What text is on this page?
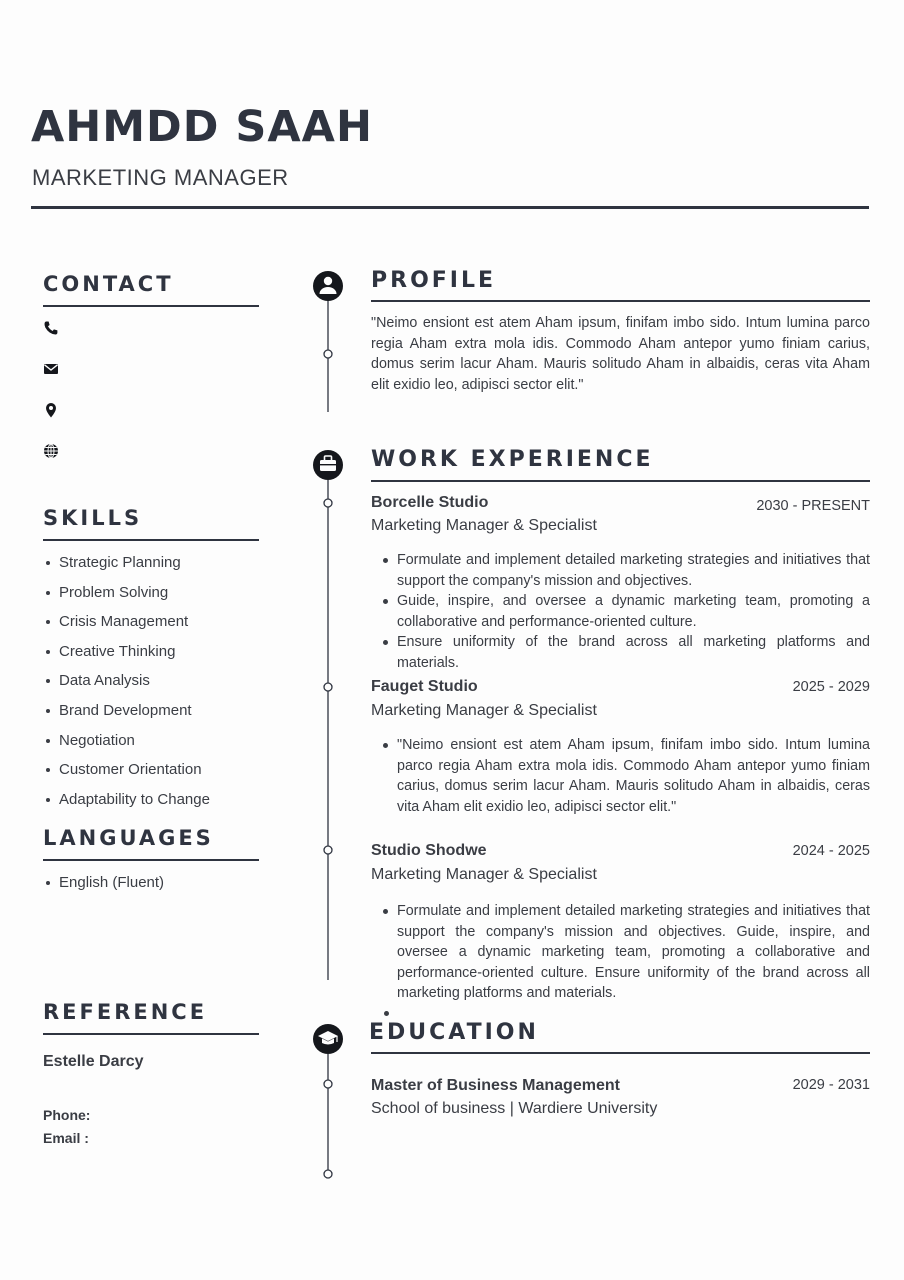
AHMDD SAAH
MARKETING MANAGER
CONTACT
SKILLS
Strategic Planning
Problem Solving
Crisis Management
Creative Thinking
Data Analysis
Brand Development
Negotiation
Customer Orientation
Adaptability to Change
LANGUAGES
English (Fluent)
REFERENCE
Estelle Darcy
Phone:
Email :
PROFILE

"Neimo ensiont est atem Aham ipsum, finifam imbo sido. Intum lumina parco regia Aham extra mola idis. Commodo Aham antepor yumo finiam carius, domus serim lacur Aham. Mauris solitudo Aham in albaidis, ceras vita Aham elit exidio leo, adipisci sector elit."

WORK EXPERIENCE
Borcelle Studio	2030 - PRESENT
Marketing Manager & Specialist
Formulate and implement detailed marketing strategies and initiatives that support the company's mission and objectives.
Guide, inspire, and oversee a dynamic marketing team, promoting a collaborative and performance-oriented culture.
Ensure uniformity of the brand across all marketing platforms and materials.
Fauget Studio	2025 - 2029
Marketing Manager & Specialist
"Neimo ensiont est atem Aham ipsum, finifam imbo sido. Intum lumina parco regia Aham extra mola idis. Commodo Aham antepor yumo finiam carius, domus serim lacur Aham. Mauris solitudo Aham in albaidis, ceras vita Aham elit exidio leo, adipisci sector elit."
Studio Shodwe	2024 - 2025
Marketing Manager & Specialist
Formulate and implement detailed marketing strategies and initiatives that support the company's mission and objectives. Guide, inspire, and oversee a dynamic marketing team, promoting a collaborative and performance-oriented culture. Ensure uniformity of the brand across all marketing platforms and materials.
EDUCATION
Master of Business Management	2029 - 2031
School of business | Wardiere University
